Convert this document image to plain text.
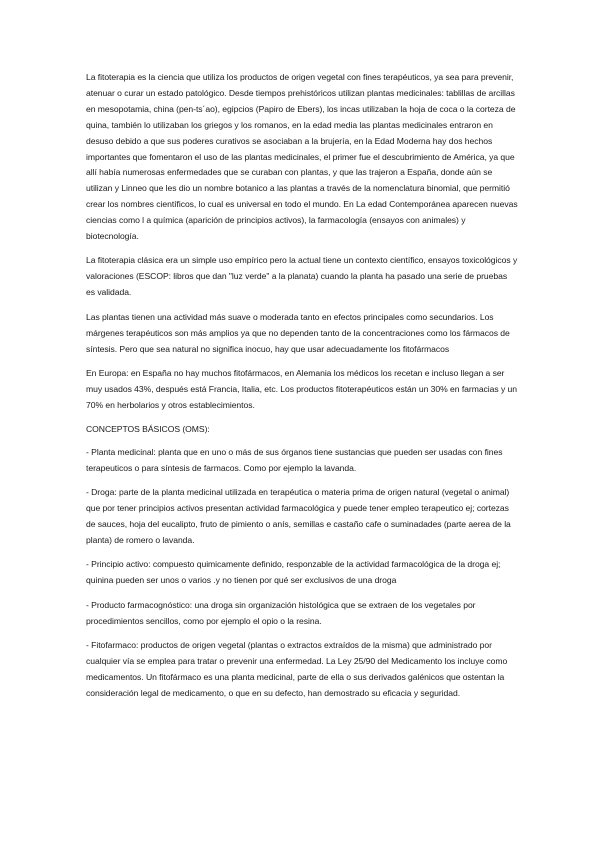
La fitoterapia es la ciencia que utiliza los productos de origen vegetal con fines terapéuticos, ya sea para prevenir, atenuar o curar un estado patológico. Desde tiempos prehistóricos utilizan plantas medicinales: tablillas de arcillas en mesopotamia, china (pen-ts´ao), egipcios (Papiro de Ebers), los incas utilizaban la hoja de coca o la corteza de quina, también lo utilizaban los griegos y los romanos, en la edad media las plantas medicinales entraron en desuso debido a que sus poderes curativos se asociaban a la brujería, en la Edad Moderna hay dos hechos importantes que fomentaron el uso de las plantas medicinales, el primer fue el descubrimiento de América, ya que allí había numerosas enfermedades que se curaban con plantas, y que las trajeron a España, donde aún se utilizan y Linneo que les dio un nombre botanico a las plantas a través de la nomenclatura binomial, que permitió crear los nombres científicos, lo cual es universal en todo el mundo. En La edad Contemporánea aparecen nuevas ciencias como l a química (aparición de principios activos), la farmacología (ensayos con animales) y biotecnología.

La fitoterapia clásica era un simple uso empírico pero la actual tiene un contexto científico, ensayos toxicológicos y valoraciones (ESCOP: libros que dan "luz verde" a la planata) cuando la planta ha pasado una serie de pruebas es validada.

Las plantas tienen una actividad más suave o moderada tanto en efectos principales como secundarios. Los márgenes terapéuticos son más amplios ya que no dependen tanto de la concentraciones como los fármacos de síntesis. Pero que sea natural no significa inocuo, hay que usar adecuadamente los fitofármacos

En Europa: en España no hay muchos fitofármacos, en Alemania los médicos los recetan e incluso llegan a ser muy usados 43%, después está Francia, Italia, etc. Los productos fitoterapéuticos están un 30% en farmacias y un 70% en herbolarios y otros establecimientos.

CONCEPTOS BÁSICOS (OMS):

- Planta medicinal: planta que en uno o más de sus órganos tiene sustancias que pueden ser usadas con fines terapeuticos o para síntesis de farmacos. Como por ejemplo la lavanda.

- Droga: parte de la planta medicinal utilizada en terapéutica o materia prima de origen natural (vegetal o animal) que por tener principios activos presentan actividad farmacológica y puede tener empleo terapeutico ej; cortezas de sauces, hoja del eucalipto, fruto de pimiento o anís, semillas e castaño cafe o suminadades (parte aerea de la planta) de romero o lavanda.

- Principio activo: compuesto quimicamente definido, responzable de la actividad farmacológica de la droga ej; quinina pueden ser unos o varios .y no tienen por qué ser exclusivos de una droga

- Producto farmacognóstico: una droga sin organización histológica que se extraen de los vegetales por procedimientos sencillos, como por ejemplo el opio o la resina.

- Fitofarmaco: productos de origen vegetal (plantas o extractos extraídos de la misma) que administrado por cualquier vía se emplea para tratar o prevenir una enfermedad. La Ley 25/90 del Medicamento los incluye como medicamentos. Un fitofármaco es una planta medicinal, parte de ella o sus derivados galénicos que ostentan la consideración legal de medicamento, o que en su defecto, han demostrado su eficacia y seguridad.
